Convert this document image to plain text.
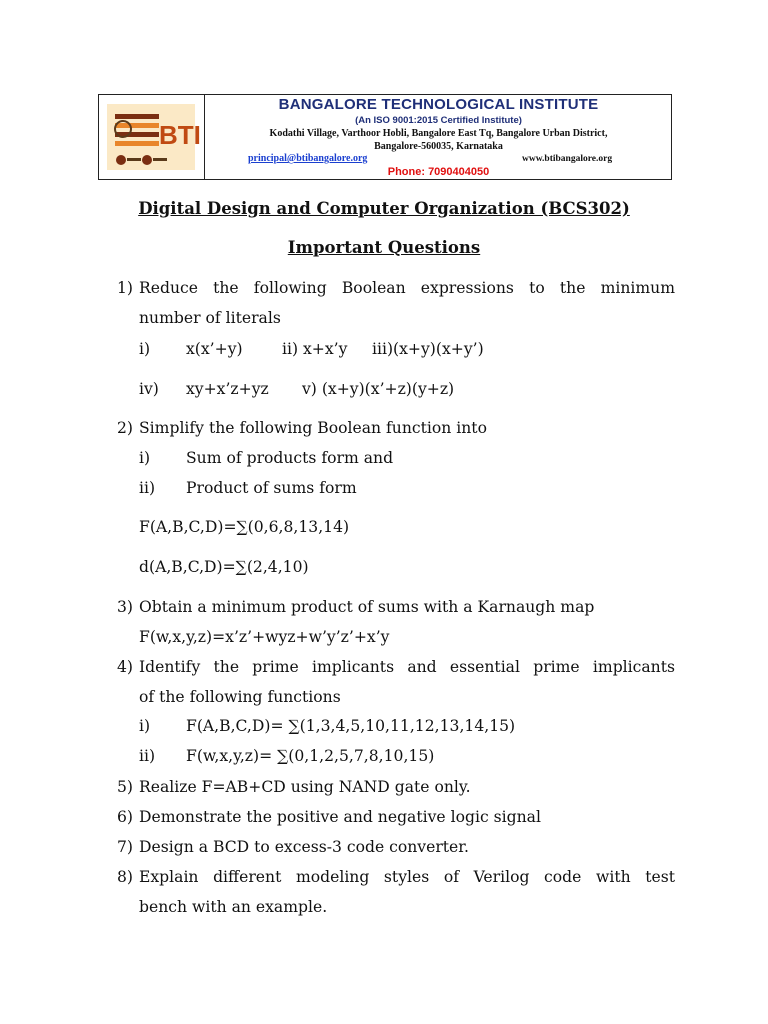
BTI
BANGALORE TECHNOLOGICAL INSTITUTE
(An ISO 9001:2015 Certified Institute)
Kodathi Village, Varthoor Hobli, Bangalore East Tq, Bangalore Urban District,
Bangalore-560035, Karnataka
principal@btibangalore.org	www.btibangalore.org
Phone: 7090404050
Digital Design and Computer Organization (BCS302)
Important Questions
1) Reduce the following Boolean expressions to the minimum
number of literals
i) x(x’+y)	ii) x+x’y iii)(x+y)(x+y’)
iv) xy+x’z+yz v) (x+y)(x’+z)(y+z)
2) Simplify the following Boolean function into
i) Sum of products form and
ii) Product of sums form
F(A,B,C,D)=∑(0,6,8,13,14)
d(A,B,C,D)=∑(2,4,10)
3) Obtain a minimum product of sums with a Karnaugh map
F(w,x,y,z)=x’z’+wyz+w’y’z’+x’y
4) Identify the prime implicants and essential prime implicants
of the following functions
i) F(A,B,C,D)= ∑(1,3,4,5,10,11,12,13,14,15)
ii) F(w,x,y,z)= ∑(0,1,2,5,7,8,10,15)
5) Realize F=AB+CD using NAND gate only.
6) Demonstrate the positive and negative logic signal
7) Design a BCD to excess-3 code converter.
8) Explain different modeling styles of Verilog code with test
bench with an example.
